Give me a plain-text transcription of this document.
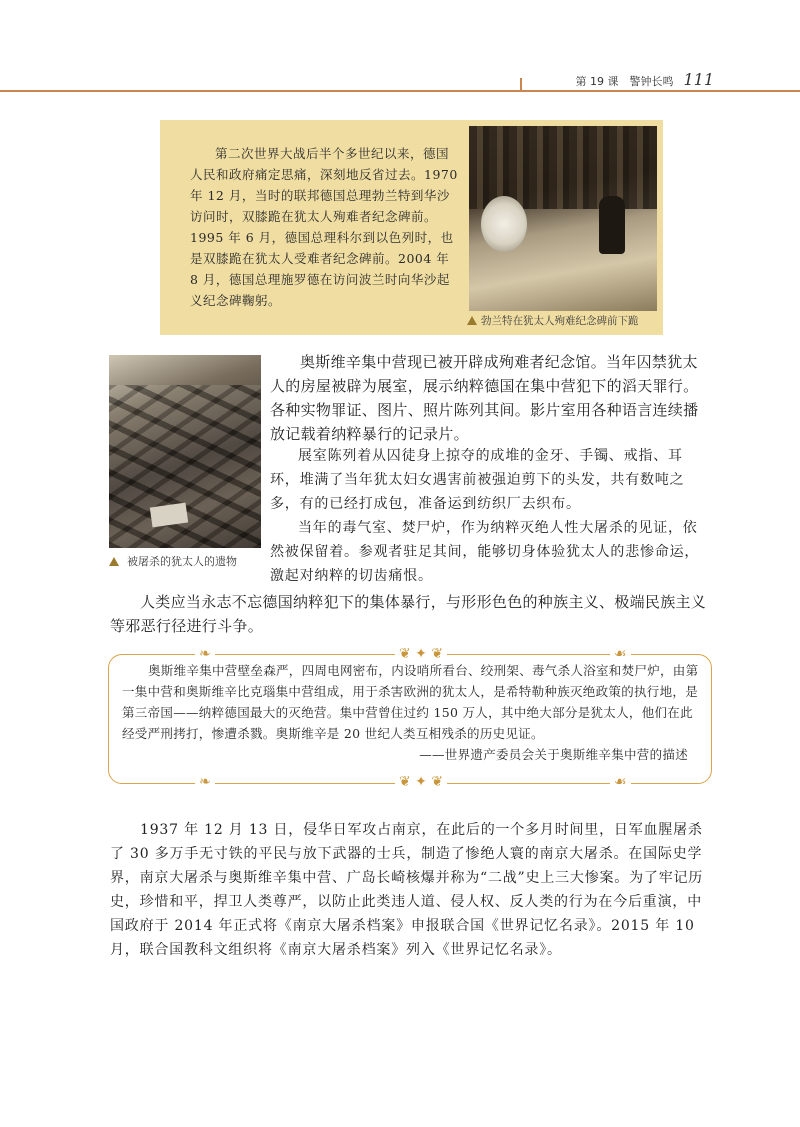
第 19 课　警钟长鸣 111

第二次世界大战后半个多世纪以来，德国人民和政府痛定思痛，深刻地反省过去。1970 年 12 月，当时的联邦德国总理勃兰特到华沙访问时，双膝跪在犹太人殉难者纪念碑前。1995 年 6 月，德国总理科尔到以色列时，也是双膝跪在犹太人受难者纪念碑前。2004 年 8 月，德国总理施罗德在访问波兰时向华沙起义纪念碑鞠躬。

勃兰特在犹太人殉难纪念碑前下跪
被屠杀的犹太人的遗物

奥斯维辛集中营现已被开辟成殉难者纪念馆。当年囚禁犹太人的房屋被辟为展室，展示纳粹德国在集中营犯下的滔天罪行。各种实物罪证、图片、照片陈列其间。影片室用各种语言连续播放记载着纳粹暴行的记录片。

展室陈列着从囚徒身上掠夺的成堆的金牙、手镯、戒指、耳环，堆满了当年犹太妇女遇害前被强迫剪下的头发，共有数吨之多，有的已经打成包，准备运到纺织厂去织布。

当年的毒气室、焚尸炉，作为纳粹灭绝人性大屠杀的见证，依然被保留着。参观者驻足其间，能够切身体验犹太人的悲惨命运，激起对纳粹的切齿痛恨。

人类应当永志不忘德国纳粹犯下的集体暴行，与形形色色的种族主义、极端民族主义等邪恶行径进行斗争。

❦ ✦ ❦
❦ ✦ ❦
❧	☙
❧	☙

奥斯维辛集中营壁垒森严，四周电网密布，内设哨所看台、绞刑架、毒气杀人浴室和焚尸炉，由第一集中营和奥斯维辛比克瑙集中营组成，用于杀害欧洲的犹太人，是希特勒种族灭绝政策的执行地，是第三帝国——纳粹德国最大的灭绝营。集中营曾住过约 150 万人，其中绝大部分是犹太人，他们在此经受严刑拷打，惨遭杀戮。奥斯维辛是 20 世纪人类互相残杀的历史见证。

——世界遗产委员会关于奥斯维辛集中营的描述

1937 年 12 月 13 日，侵华日军攻占南京，在此后的一个多月时间里，日军血腥屠杀了 30 多万手无寸铁的平民与放下武器的士兵，制造了惨绝人寰的南京大屠杀。在国际史学界，南京大屠杀与奥斯维辛集中营、广岛长崎核爆并称为“二战”史上三大惨案。为了牢记历史，珍惜和平，捍卫人类尊严，以防止此类违人道、侵人权、反人类的行为在今后重演，中国政府于 2014 年正式将《南京大屠杀档案》申报联合国《世界记忆名录》。2015 年 10 月，联合国教科文组织将《南京大屠杀档案》列入《世界记忆名录》。
